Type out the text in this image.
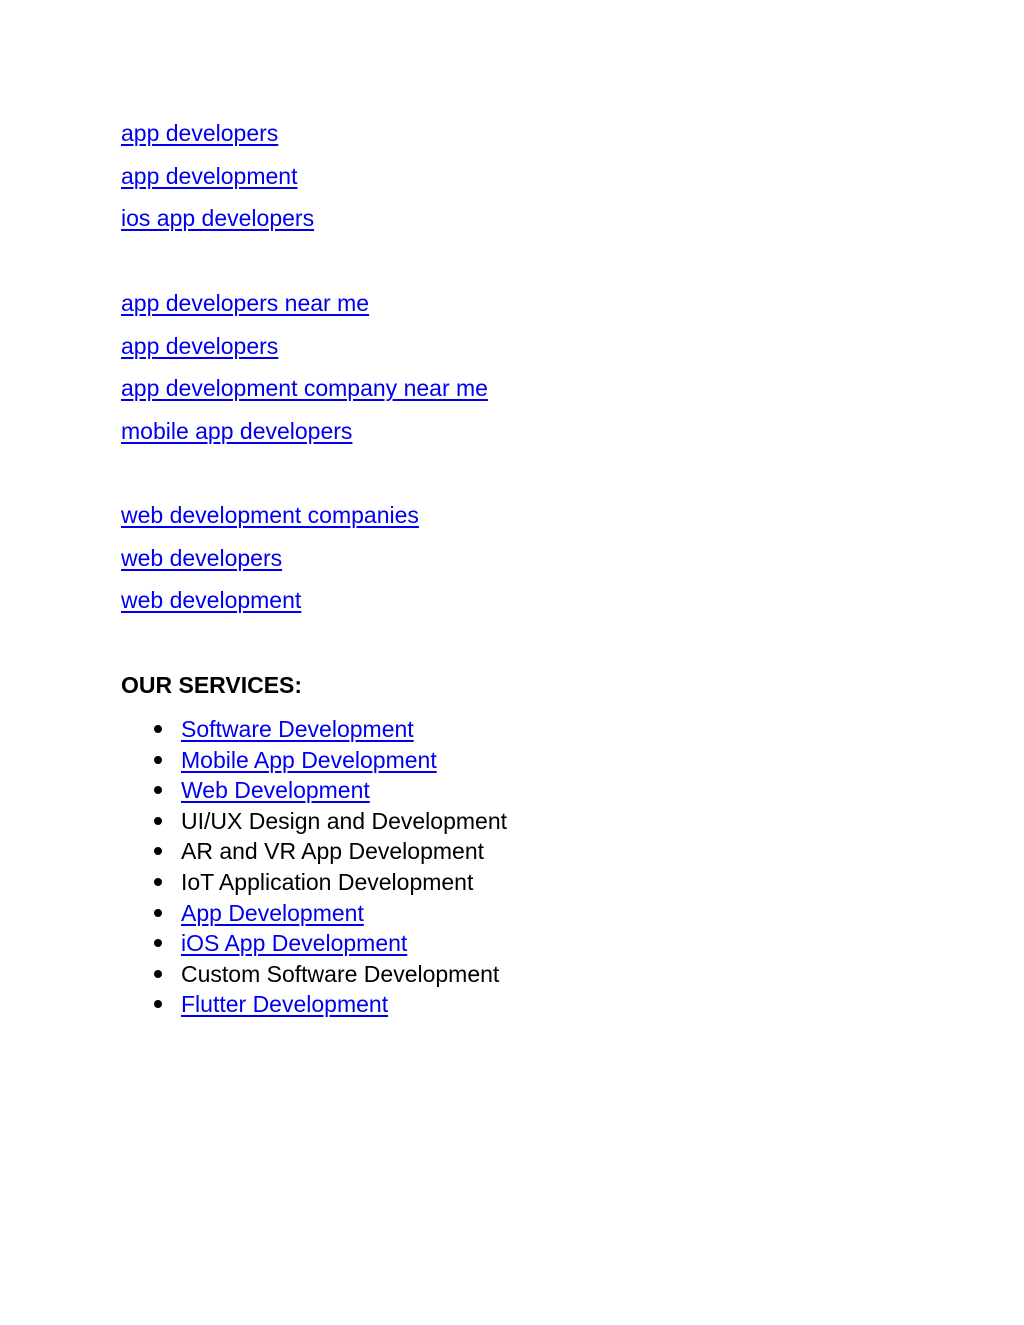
app developers
app development
ios app developers
app developers near me
app developers
app development company near me
mobile app developers
web development companies
web developers
web development
OUR SERVICES:
Software Development
Mobile App Development
Web Development
UI/UX Design and Development
AR and VR App Development
IoT Application Development
App Development
iOS App Development
Custom Software Development
Flutter Development
